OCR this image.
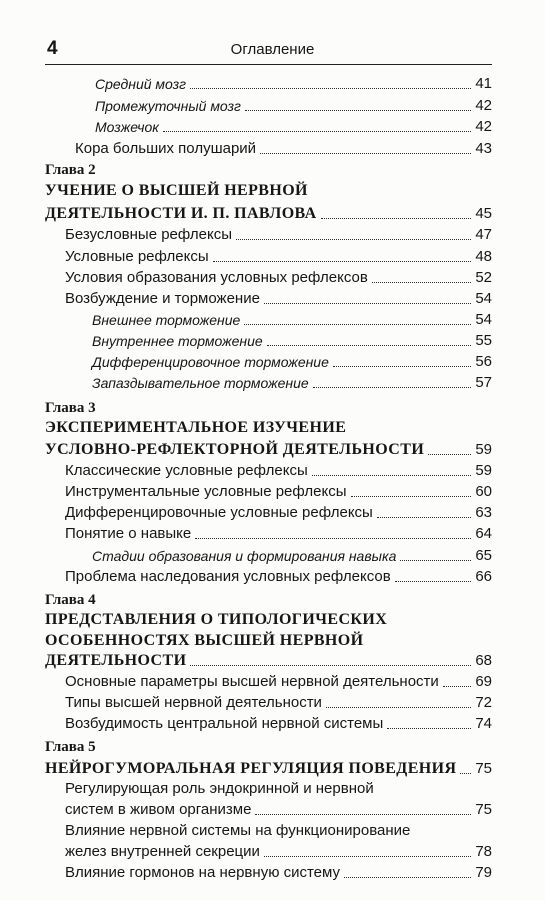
4	Оглавление
Средний мозг	41
Промежуточный мозг	42
Мозжечок	42
Кора больших полушарий	43
Глава 2
УЧЕНИЕ О ВЫСШЕЙ НЕРВНОЙ
ДЕЯТЕЛЬНОСТИ И. П. ПАВЛОВА	45
Безусловные рефлексы	47
Условные рефлексы	48
Условия образования условных рефлексов	52
Возбуждение и торможение	54
Внешнее торможение	54
Внутреннее торможение	55
Дифференцировочное торможение	56
Запаздывательное торможение	57
Глава 3
ЭКСПЕРИМЕНТАЛЬНОЕ ИЗУЧЕНИЕ
УСЛОВНО-РЕФЛЕКТОРНОЙ ДЕЯТЕЛЬНОСТИ	59
Классические условные рефлексы	59
Инструментальные условные рефлексы	60
Дифференцировочные условные рефлексы	63
Понятие о навыке	64
Стадии образования и формирования навыка	65
Проблема наследования условных рефлексов	66
Глава 4
ПРЕДСТАВЛЕНИЯ О ТИПОЛОГИЧЕСКИХ
ОСОБЕННОСТЯХ ВЫСШЕЙ НЕРВНОЙ
ДЕЯТЕЛЬНОСТИ	68
Основные параметры высшей нервной деятельности 69
Типы высшей нервной деятельности	72
Возбудимость центральной нервной системы	74
Глава 5
НЕЙРОГУМОРАЛЬНАЯ РЕГУЛЯЦИЯ ПОВЕДЕНИЯ 75
Регулирующая роль эндокринной и нервной
систем в живом организме	75
Влияние нервной системы на функционирование
желез внутренней секреции	78
Влияние гормонов на нервную систему	79
